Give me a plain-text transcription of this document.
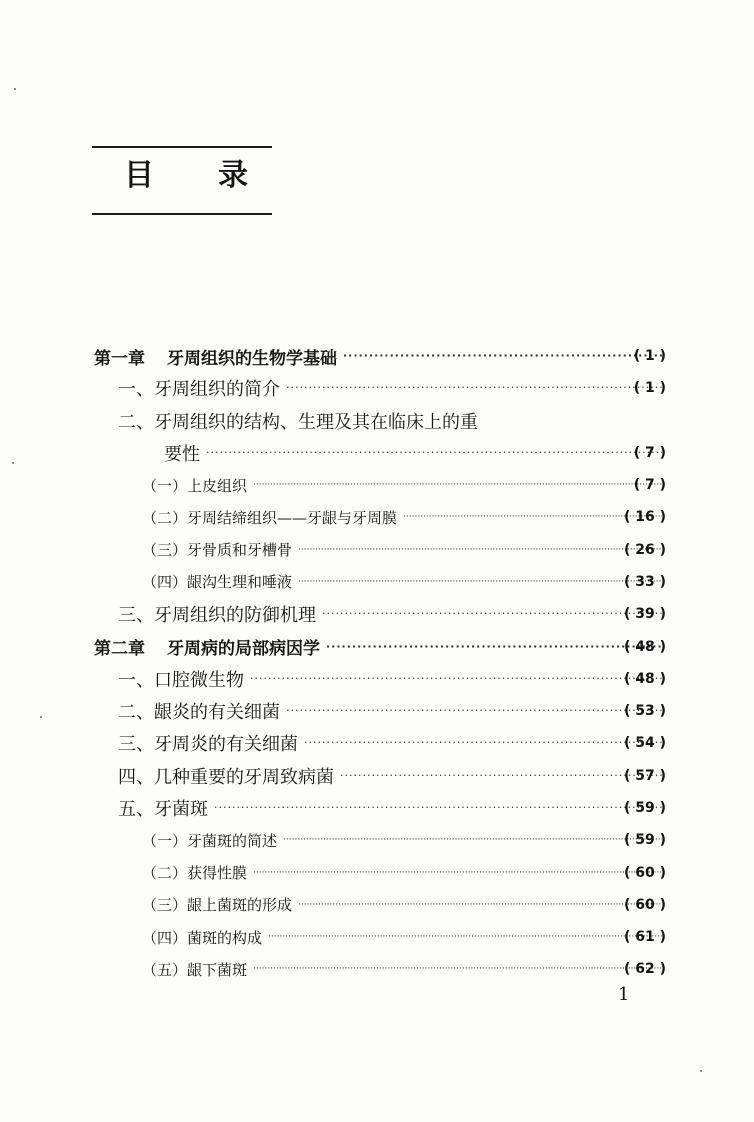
目 录
第一章 牙周组织的生物学基础 ·····	( 1 )
一、牙周组织的简介 ·····	( 1 )
二、牙周组织的结构、生理及其在临床上的重
要性 ·····	( 7 )
（一）上皮组织 ·····	( 7 )
（二）牙周结缔组织——牙龈与牙周膜 ·····	( 16 )
（三）牙骨质和牙槽骨 ·····	( 26 )
（四）龈沟生理和唾液 ·····	( 33 )
三、牙周组织的防御机理 ·····	( 39 )
第二章 牙周病的局部病因学 ·····	( 48 )
一、口腔微生物 ·····	( 48 )
二、龈炎的有关细菌 ·····	( 53 )
三、牙周炎的有关细菌 ·····	( 54 )
四、几种重要的牙周致病菌 ·····	( 57 )
五、牙菌斑 ·····	( 59 )
（一）牙菌斑的简述 ·····	( 59 )
（二）获得性膜 ·····	( 60 )
（三）龈上菌斑的形成 ·····	( 60 )
（四）菌斑的构成 ·····	( 61 )
（五）龈下菌斑 ·····	( 62 )
1
